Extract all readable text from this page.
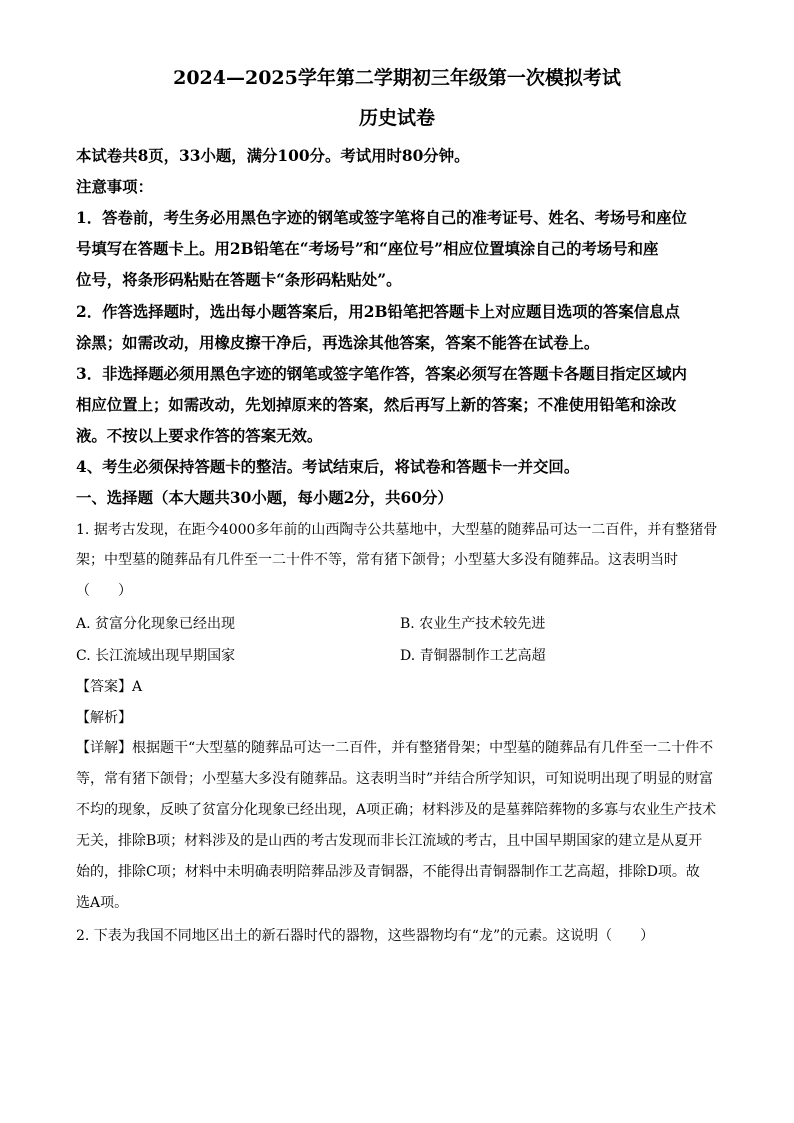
2024—2025学年第二学期初三年级第一次模拟考试
历史试卷
本试卷共8页，33小题，满分100分。考试用时80分钟。
注意事项：
1．答卷前，考生务必用黑色字迹的钢笔或签字笔将自己的准考证号、姓名、考场号和座位
号填写在答题卡上。用2B铅笔在“考场号”和“座位号”相应位置填涂自己的考场号和座
位号，将条形码粘贴在答题卡“条形码粘贴处”。
2．作答选择题时，选出每小题答案后，用2B铅笔把答题卡上对应题目选项的答案信息点
涂黑；如需改动，用橡皮擦干净后，再选涂其他答案，答案不能答在试卷上。
3．非选择题必须用黑色字迹的钢笔或签字笔作答，答案必须写在答题卡各题目指定区域内
相应位置上；如需改动，先划掉原来的答案，然后再写上新的答案；不准使用铅笔和涂改
液。不按以上要求作答的答案无效。
4、考生必须保持答题卡的整洁。考试结束后，将试卷和答题卡一并交回。
一、选择题（本大题共30小题，每小题2分，共60分）
1. 据考古发现，在距今4000多年前的山西陶寺公共墓地中，大型墓的随葬品可达一二百件，并有整猪骨
架；中型墓的随葬品有几件至一二十件不等，常有猪下颌骨；小型墓大多没有随葬品。这表明当时
（　　）
A. 贫富分化现象已经出现	B. 农业生产技术较先进
C. 长江流域出现早期国家	D. 青铜器制作工艺高超
【答案】A
【解析】
【详解】根据题干“大型墓的随葬品可达一二百件，并有整猪骨架；中型墓的随葬品有几件至一二十件不
等，常有猪下颌骨；小型墓大多没有随葬品。这表明当时”并结合所学知识，可知说明出现了明显的财富
不均的现象，反映了贫富分化现象已经出现，A项正确；材料涉及的是墓葬陪葬物的多寡与农业生产技术
无关，排除B项；材料涉及的是山西的考古发现而非长江流域的考古，且中国早期国家的建立是从夏开
始的，排除C项；材料中未明确表明陪葬品涉及青铜器，不能得出青铜器制作工艺高超，排除D项。故
选A项。
2. 下表为我国不同地区出土的新石器时代的器物，这些器物均有“龙”的元素。这说明（　　）
